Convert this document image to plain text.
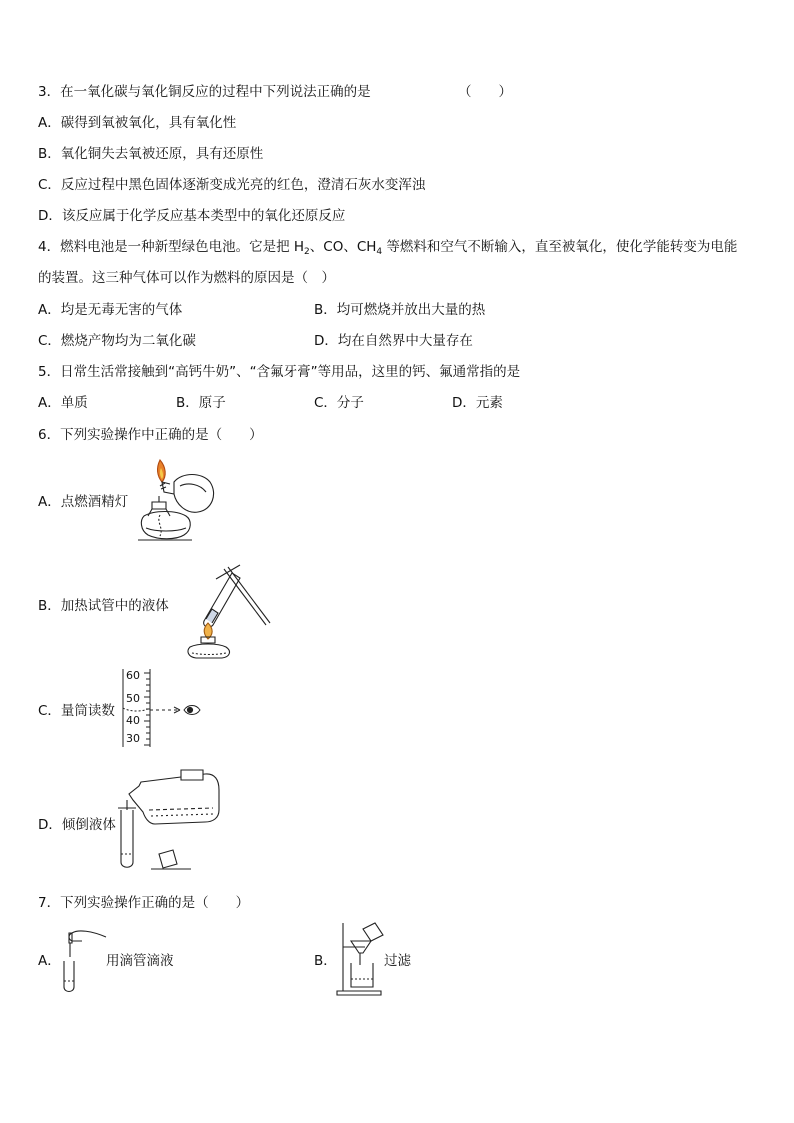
3．在一氧化碳与氧化铜反应的过程中下列说法正确的是	（　　）
A．碳得到氧被氧化，具有氧化性
B．氧化铜失去氧被还原，具有还原性
C．反应过程中黑色固体逐渐变成光亮的红色，澄清石灰水变浑浊
D．该反应属于化学反应基本类型中的氧化还原反应
4．燃料电池是一种新型绿色电池。它是把 $H_2$、CO、$CH_4$ 等燃料和空气不断输入，直至被氧化，使化学能转变为电能
的装置。这三种气体可以作为燃料的原因是（　）
A．均是无毒无害的气体	B．均可燃烧并放出大量的热
C．燃烧产物均为二氧化碳	D．均在自然界中大量存在
5．日常生活常接触到“高钙牛奶”、“含氟牙膏”等用品，这里的钙、氟通常指的是
A．单质	B．原子	C．分子	D．元素
6．下列实验操作中正确的是（　　）
A．点燃酒精灯
B．加热试管中的液体
C．量筒读数
60
50
40
30
D．倾倒液体
7．下列实验操作正确的是（　　）
A．	用滴管滴液	B．	过滤
